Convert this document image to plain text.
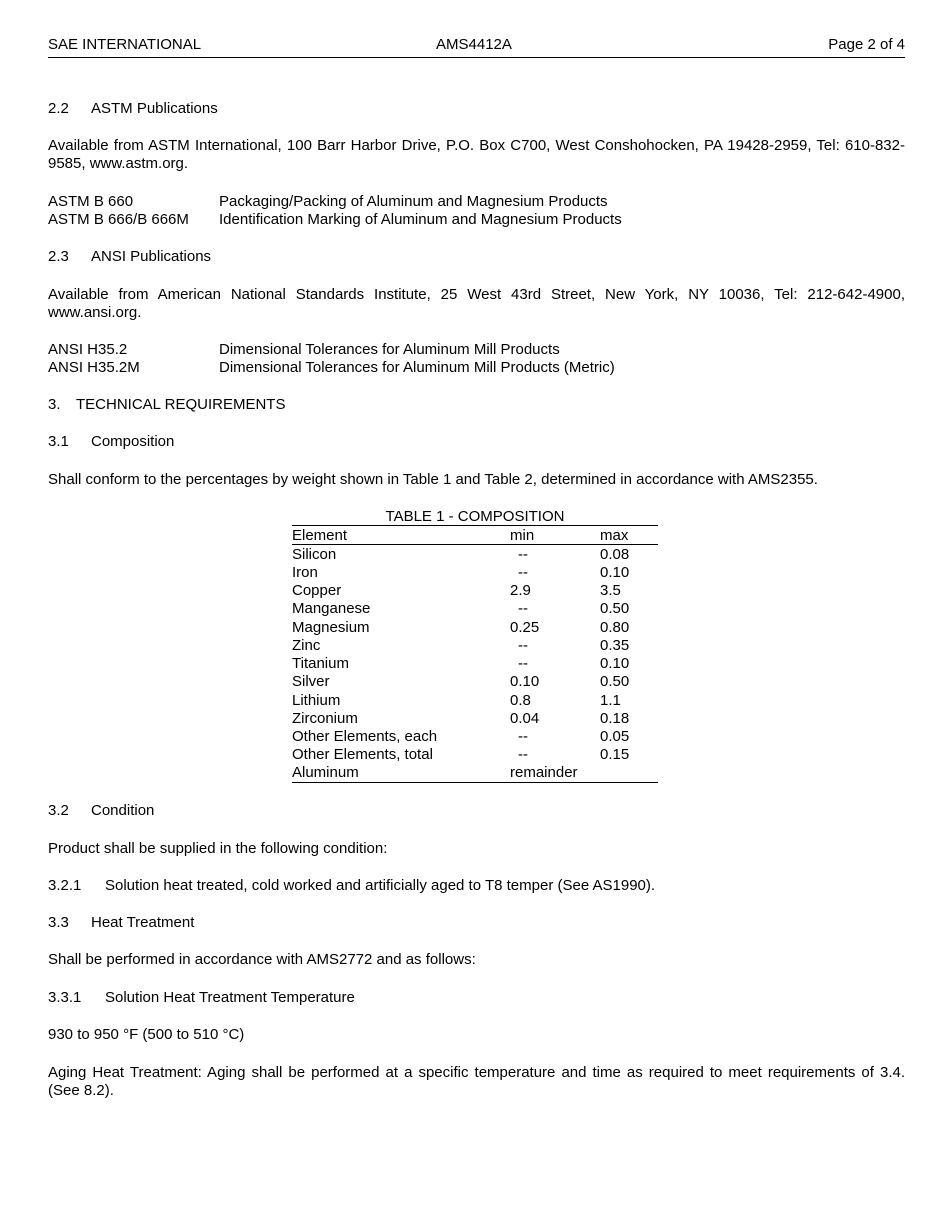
SAE INTERNATIONAL	AMS4412A	Page 2 of 4
2.2 ASTM Publications
Available from ASTM International, 100 Barr Harbor Drive, P.O. Box C700, West Conshohocken, PA 19428-2959, Tel: 610-832-9585, www.astm.org.
ASTM B 660	Packaging/Packing of Aluminum and Magnesium Products
ASTM B 666/B 666M Identification Marking of Aluminum and Magnesium Products
2.3 ANSI Publications
Available from American National Standards Institute, 25 West 43rd Street, New York, NY 10036, Tel: 212-642-4900, www.ansi.org.
ANSI H35.2	Dimensional Tolerances for Aluminum Mill Products
ANSI H35.2M	Dimensional Tolerances for Aluminum Mill Products (Metric)
3. TECHNICAL REQUIREMENTS
3.1 Composition
Shall conform to the percentages by weight shown in Table 1 and Table 2, determined in accordance with AMS2355.
TABLE 1 - COMPOSITION
Element	min	max
Silicon	--	0.08
Iron	--	0.10
Copper	2.9	3.5
Manganese	--	0.50
Magnesium	0.25	0.80
Zinc	--	0.35
Titanium	--	0.10
Silver	0.10	0.50
Lithium	0.8	1.1
Zirconium	0.04	0.18
Other Elements, each	--	0.05
Other Elements, total	--	0.15
Aluminum	remainder
3.2 Condition
Product shall be supplied in the following condition:
3.2.1 Solution heat treated, cold worked and artificially aged to T8 temper (See AS1990).
3.3 Heat Treatment
Shall be performed in accordance with AMS2772 and as follows:
3.3.1 Solution Heat Treatment Temperature
930 to 950 °F (500 to 510 °C)
Aging Heat Treatment: Aging shall be performed at a specific temperature and time as required to meet requirements of 3.4. (See 8.2).
